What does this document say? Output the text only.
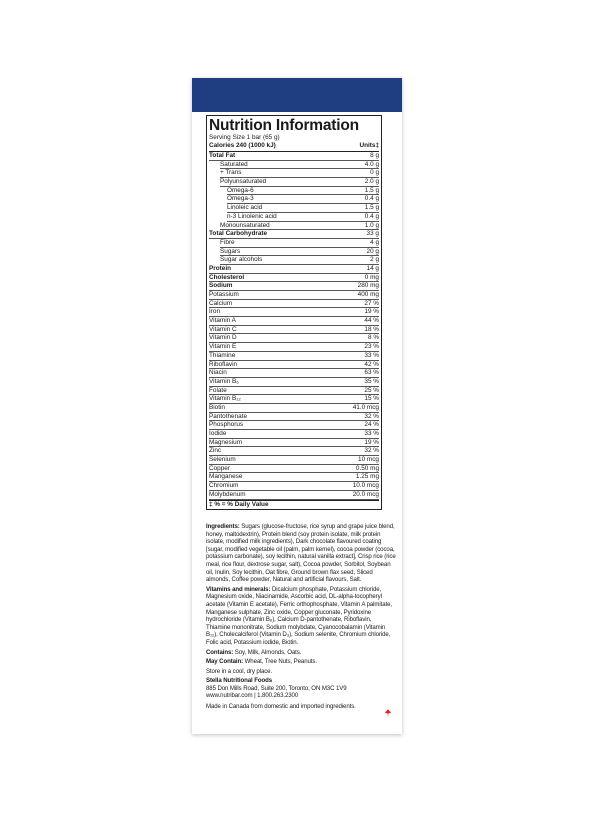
Nutrition Information
Serving Size 1 bar (65 g)
Calories 240 (1000 kJ)	Units‡
Total Fat	8 g
Saturated	4.0 g
+ Trans	0 g
Polyunsaturated	2.0 g
Omega-6	1.5 g
Omega-3	0.4 g
Linoleic acid	1.5 g
n-3 Linolenic acid	0.4 g
Monounsaturated	1.0 g
Total Carbohydrate	33 g
Fibre	4 g
Sugars	20 g
Sugar alcohols	2 g
Protein	14 g
Cholesterol	0 mg
Sodium	280 mg
Potassium	400 mg
Calcium	27 %
Iron	19 %
Vitamin A	44 %
Vitamin C	18 %
Vitamin D	8 %
Vitamin E	23 %
Thiamine	33 %
Riboflavin	42 %
Niacin	63 %
Vitamin B₆	35 %
Folate	25 %
Vitamin B₁₂	15 %
Biotin	41.0 mcg
Pantothenate	32 %
Phosphorus	24 %
Iodide	33 %
Magnesium	19 %
Zinc	32 %
Selenium	10 mcg
Copper	0.50 mg
Manganese	1.25 mg
Chromium	10.0 mcg
Molybdenum	20.0 mcg
‡ % = % Daily Value

Ingredients: Sugars (glucose-fructose, rice syrup and grape juice blend, honey, maltodextrin), Protein blend (soy protein isolate, milk protein isolate, modified milk ingredients), Dark chocolate flavoured coating [sugar, modified vegetable oil (palm, palm kernel), cocoa powder (cocoa, potassium carbonate), soy lecithin, natural vanilla extract], Crisp rice (rice meal, rice flour, dextrose sugar, salt), Cocoa powder, Sorbitol, Soybean oil, Inulin, Soy lecithin, Oat fibre, Ground brown flax seed, Sliced almonds, Coffee powder, Natural and artificial flavours, Salt.

Vitamins and minerals: Dicalcium phosphate, Potassium chloride, Magnesium oxide, Niacinamide, Ascorbic acid, DL-alpha-tocopheryl acetate (Vitamin E acetate), Ferric orthophosphate, Vitamin A palmitate, Manganese sulphate, Zinc oxide, Copper gluconate, Pyridoxine hydrochloride (Vitamin B₆), Calcium D-pantothenate, Riboflavin, Thiamine mononitrate, Sodium molybdate, Cyanocobalamin (Vitamin B₁₂), Cholecalciferol (Vitamin D₃), Sodium selenite, Chromium chloride, Folic acid, Potassium iodide, Biotin.

Contains: Soy, Milk, Almonds, Oats.

May Contain: Wheat, Tree Nuts, Peanuts.

Store in a cool, dry place.

Stella Nutritional Foods
885 Don Mills Road, Suite 200, Toronto, ON M3C 1V9
www.nutribar.com | 1.800.263.2300
Made in Canada from domestic and imported ingredients.
